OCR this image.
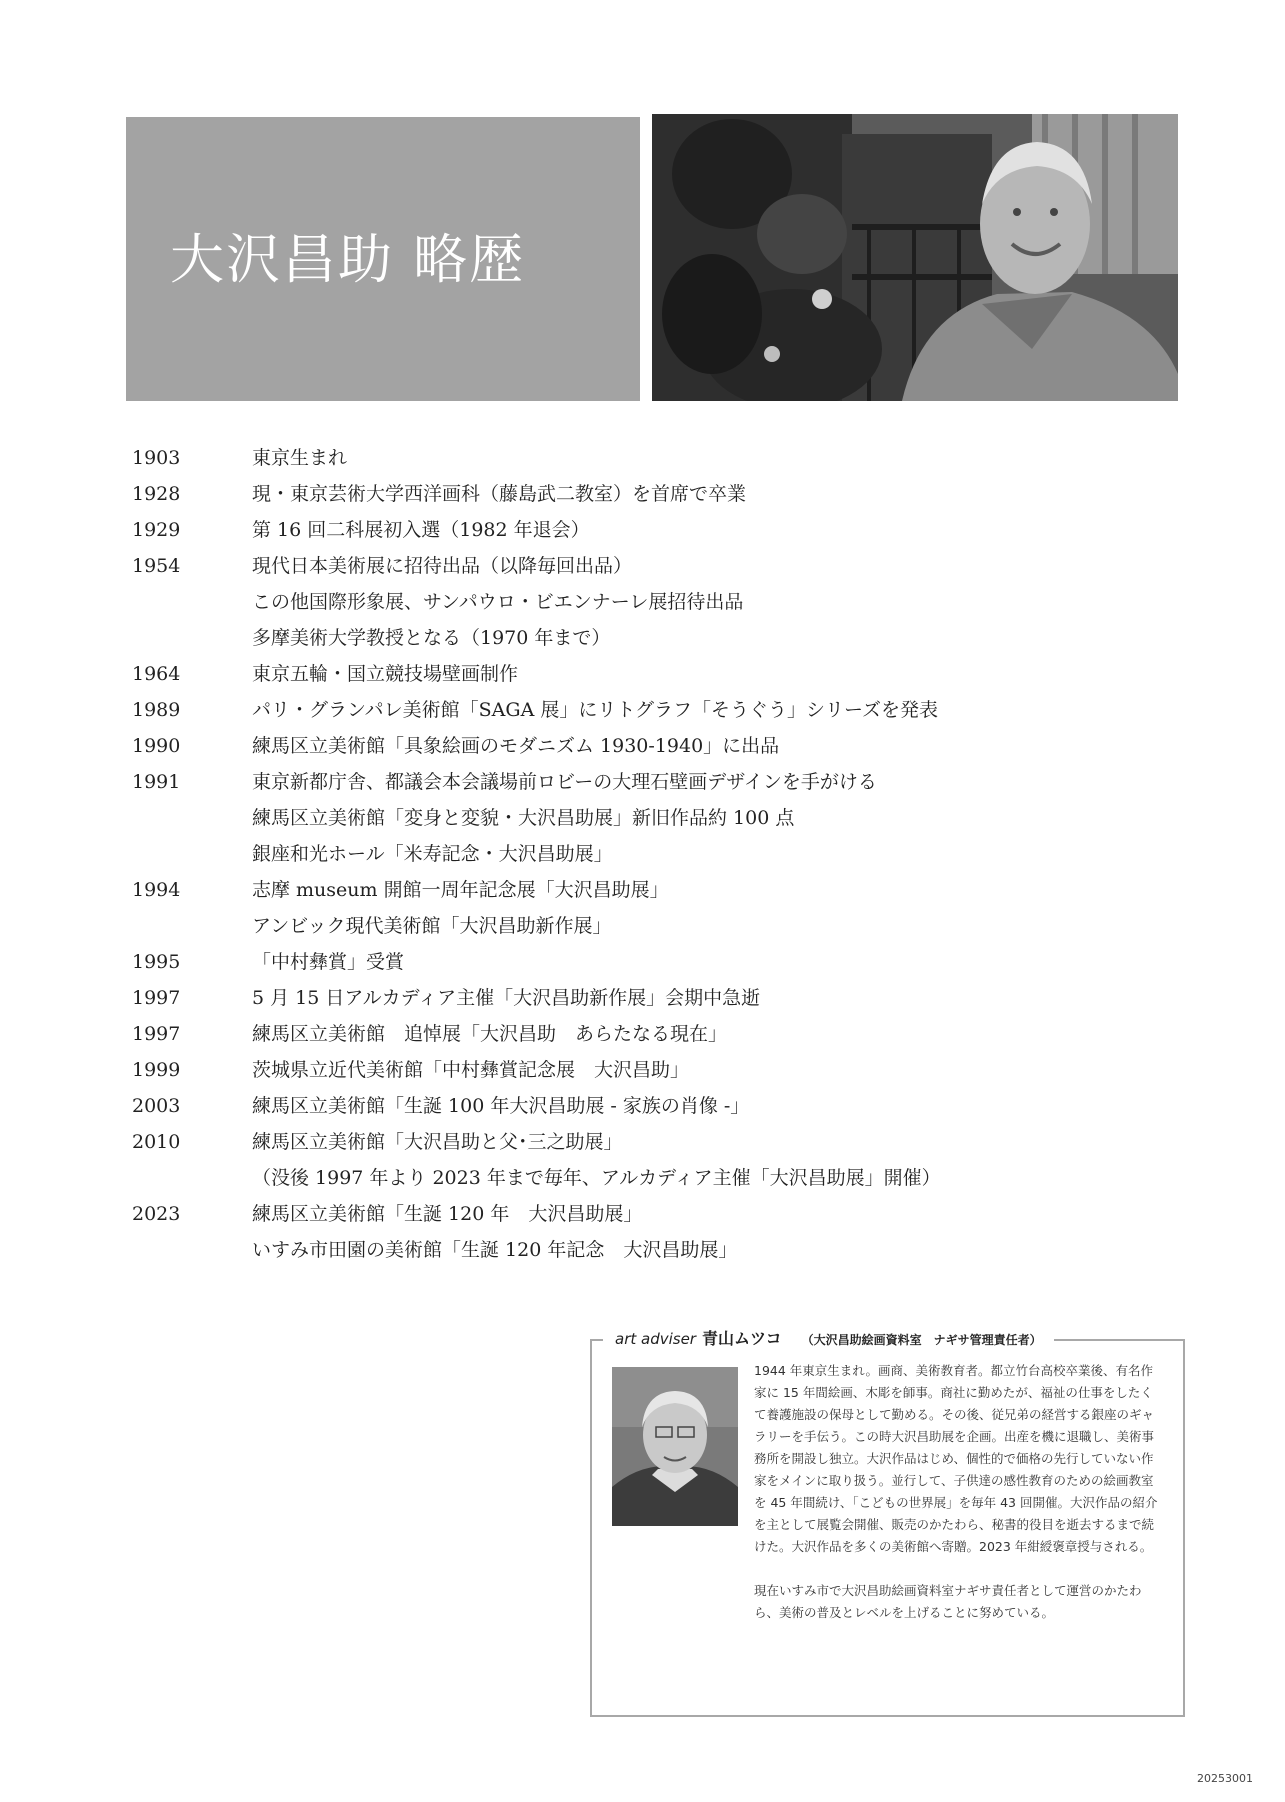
大沢昌助 略歴
1903	東京生まれ
1928	現・東京芸術大学西洋画科（藤島武二教室）を首席で卒業
1929	第 16 回二科展初入選（1982 年退会）
1954	現代日本美術展に招待出品（以降毎回出品）
この他国際形象展、サンパウロ・ビエンナーレ展招待出品
多摩美術大学教授となる（1970 年まで）
1964	東京五輪・国立競技場壁画制作
1989	パリ・グランパレ美術館「SAGA 展」にリトグラフ「そうぐう」シリーズを発表
1990	練馬区立美術館「具象絵画のモダニズム 1930-1940」に出品
1991	東京新都庁舎、都議会本会議場前ロビーの大理石壁画デザインを手がける
練馬区立美術館「変身と変貌・大沢昌助展」新旧作品約 100 点
銀座和光ホール「米寿記念・大沢昌助展」
1994	志摩 museum 開館一周年記念展「大沢昌助展」
アンビック現代美術館「大沢昌助新作展」
1995	「中村彝賞」受賞
1997	5 月 15 日アルカディア主催「大沢昌助新作展」会期中急逝
1997	練馬区立美術館　追悼展「大沢昌助　あらたなる現在」
1999	茨城県立近代美術館「中村彝賞記念展　大沢昌助」
2003	練馬区立美術館「生誕 100 年大沢昌助展 - 家族の肖像 -」
2010	練馬区立美術館「大沢昌助と父･三之助展」
（没後 1997 年より 2023 年まで毎年、アルカディア主催「大沢昌助展」開催）
2023	練馬区立美術館「生誕 120 年　大沢昌助展」
いすみ市田園の美術館「生誕 120 年記念　大沢昌助展」
art adviser 青山ムツコ （大沢昌助絵画資料室　ナギサ管理責任者）

1944 年東京生まれ。画商、美術教育者。都立竹台高校卒業後、有名作家に 15 年間絵画、木彫を師事。商社に勤めたが、福祉の仕事をしたくて養護施設の保母として勤める。その後、従兄弟の経営する銀座のギャラリーを手伝う。この時大沢昌助展を企画。出産を機に退職し、美術事務所を開設し独立。大沢作品はじめ、個性的で価格の先行していない作家をメインに取り扱う。並行して、子供達の感性教育のための絵画教室を 45 年間続け、「こどもの世界展」を毎年 43 回開催。大沢作品の紹介を主として展覧会開催、販売のかたわら、秘書的役目を逝去するまで続けた。大沢作品を多くの美術館へ寄贈。2023 年紺綬褒章授与される。

現在いすみ市で大沢昌助絵画資料室ナギサ責任者として運営のかたわら、美術の普及とレベルを上げることに努めている。

20253001
